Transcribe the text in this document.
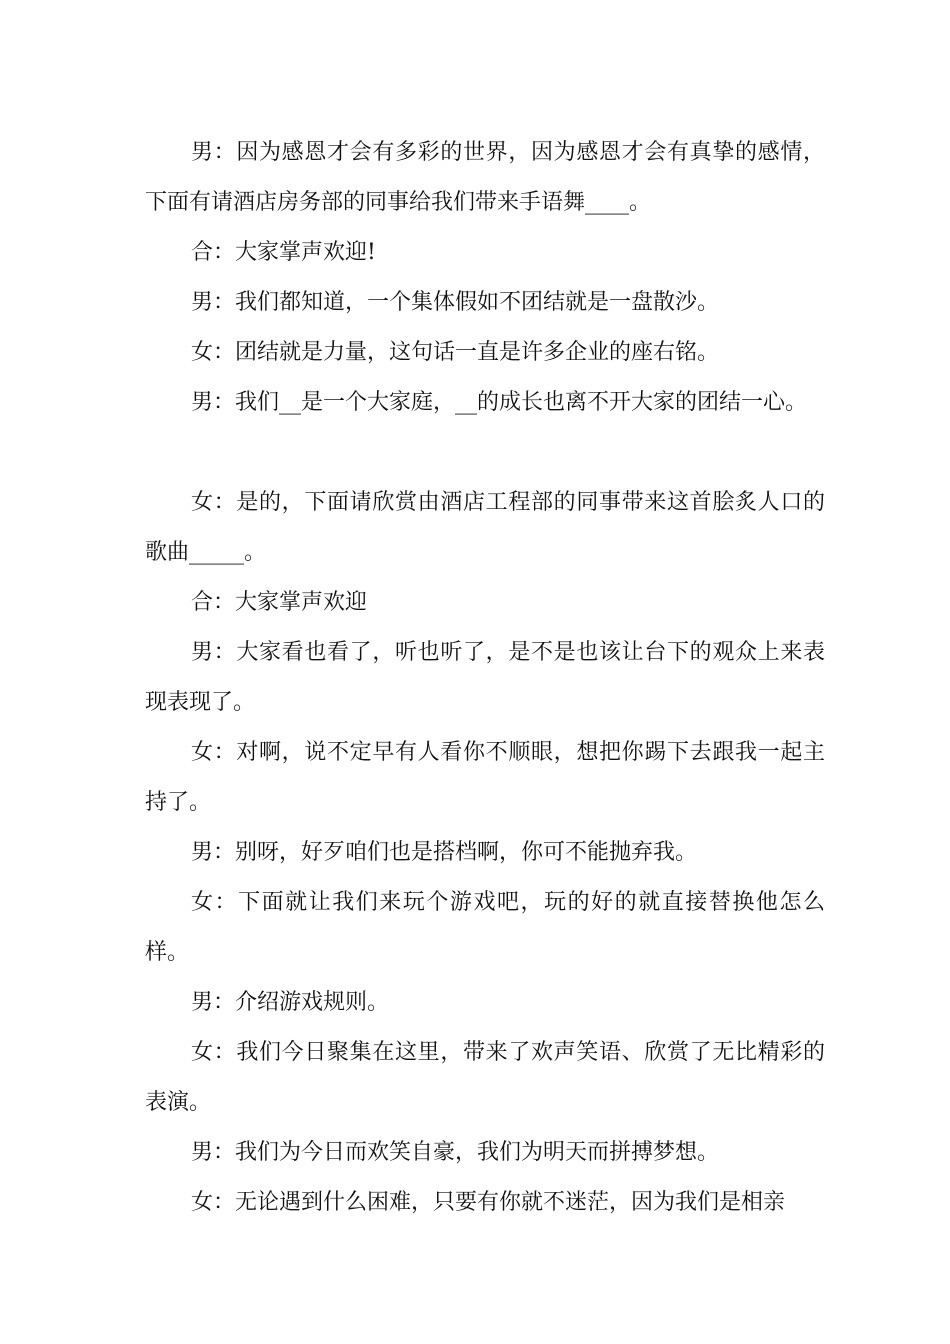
男：因为感恩才会有多彩的世界，因为感恩才会有真挚的感情，下面有请酒店房务部的同事给我们带来手语舞____。

合：大家掌声欢迎!

男：我们都知道，一个集体假如不团结就是一盘散沙。

女：团结就是力量，这句话一直是许多企业的座右铭。

男：我们__是一个大家庭，__的成长也离不开大家的团结一心。

女：是的，下面请欣赏由酒店工程部的同事带来这首脍炙人口的歌曲_____。

合：大家掌声欢迎

男：大家看也看了，听也听了，是不是也该让台下的观众上来表现表现了。

女：对啊，说不定早有人看你不顺眼，想把你踢下去跟我一起主持了。

男：别呀，好歹咱们也是搭档啊，你可不能抛弃我。

女：下面就让我们来玩个游戏吧，玩的好的就直接替换他怎么样。

男：介绍游戏规则。

女：我们今日聚集在这里，带来了欢声笑语、欣赏了无比精彩的表演。

男：我们为今日而欢笑自豪，我们为明天而拼搏梦想。

女：无论遇到什么困难，只要有你就不迷茫，因为我们是相亲
